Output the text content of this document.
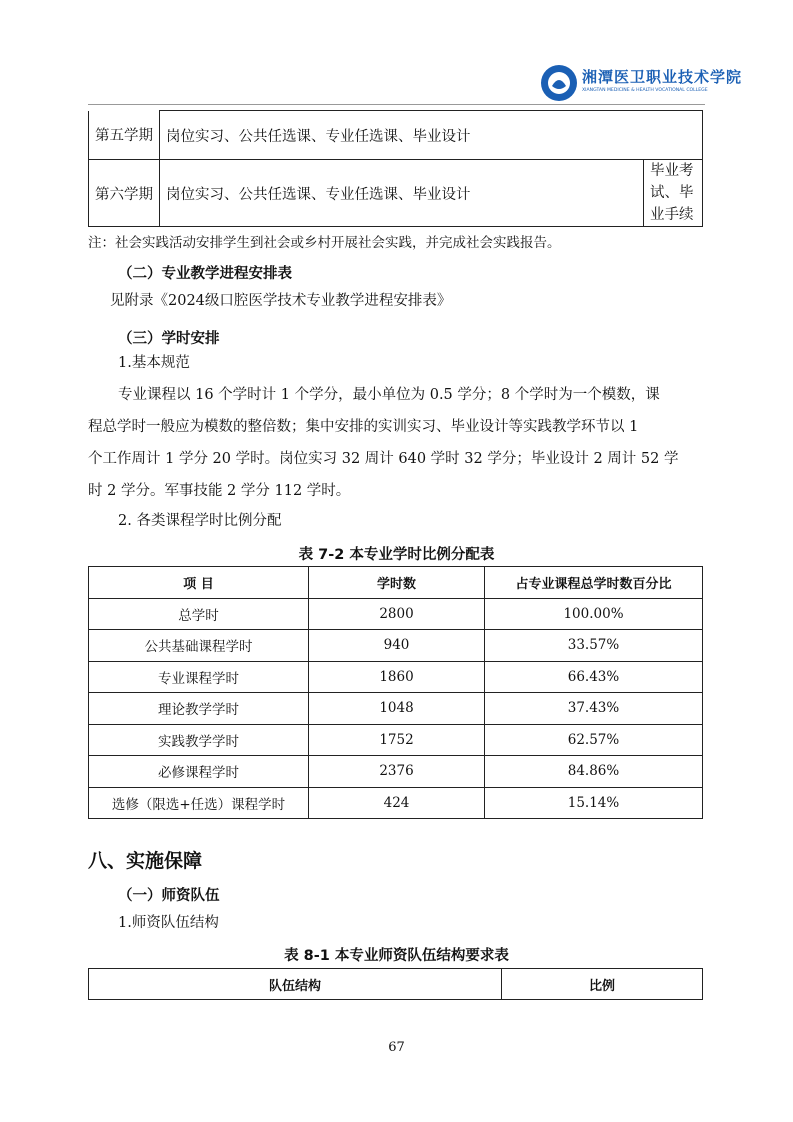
湘潭医卫职业技术学院
XIANGTAN MEDICINE & HEALTH VOCATIONAL COLLEGE
第五学期	岗位实习、公共任选课、专业任选课、毕业设计	
第六学期	岗位实习、公共任选课、专业任选课、毕业设计	毕业考试、毕业手续
注：社会实践活动安排学生到社会或乡村开展社会实践，并完成社会实践报告。
（二）专业教学进程安排表
见附录《2024级口腔医学技术专业教学进程安排表》
（三）学时安排
1.基本规范
专业课程以 16 个学时计 1 个学分，最小单位为 0.5 学分；8 个学时为一个模数，课
程总学时一般应为模数的整倍数；集中安排的实训实习、毕业设计等实践教学环节以 1
个工作周计 1 学分 20 学时。岗位实习 32 周计 640 学时 32 学分；毕业设计 2 周计 52 学
时 2 学分。军事技能 2 学分 112 学时。
2. 各类课程学时比例分配
表 7-2 本专业学时比例分配表
项 目	学时数	占专业课程总学时数百分比
总学时	2800	100.00%
公共基础课程学时	940	33.57%
专业课程学时	1860	66.43%
理论教学学时	1048	37.43%
实践教学学时	1752	62.57%
必修课程学时	2376	84.86%
选修（限选+任选）课程学时	424	15.14%
八、实施保障
（一）师资队伍
1.师资队伍结构
表 8-1 本专业师资队伍结构要求表
队伍结构	比例
67
